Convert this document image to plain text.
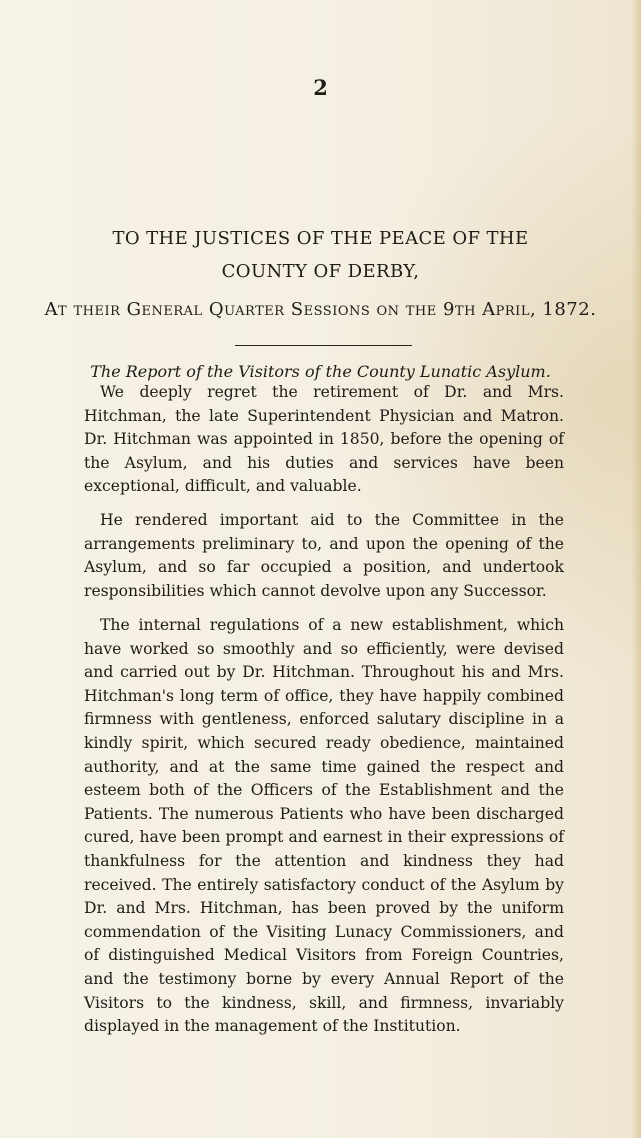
2
TO THE JUSTICES OF THE PEACE OF THE
COUNTY OF DERBY,
At their General Quarter Sessions on the 9th April, 1872.
The Report of the Visitors of the County Lunatic Asylum.

We deeply regret the retirement of Dr. and Mrs. Hitchman, the late Superintendent Physician and Matron. Dr. Hitchman was appointed in 1850, before the opening of the Asylum, and his duties and services have been exceptional, difficult, and valuable.

He rendered important aid to the Committee in the arrangements preliminary to, and upon the opening of the Asylum, and so far occupied a position, and undertook responsibilities which cannot devolve upon any Successor.

The internal regulations of a new establishment, which have worked so smoothly and so efficiently, were devised and carried out by Dr. Hitchman. Throughout his and Mrs. Hitchman's long term of office, they have happily combined firmness with gentleness, enforced salutary discipline in a kindly spirit, which secured ready obedience, maintained authority, and at the same time gained the respect and esteem both of the Officers of the Establishment and the Patients. The numerous Patients who have been discharged cured, have been prompt and earnest in their expressions of thankfulness for the attention and kindness they had received. The entirely satisfactory conduct of the Asylum by Dr. and Mrs. Hitchman, has been proved by the uniform commendation of the Visiting Lunacy Commissioners, and of distinguished Medical Visitors from Foreign Countries, and the testimony borne by every Annual Report of the Visitors to the kindness, skill, and firmness, invariably displayed in the management of the Institution.
